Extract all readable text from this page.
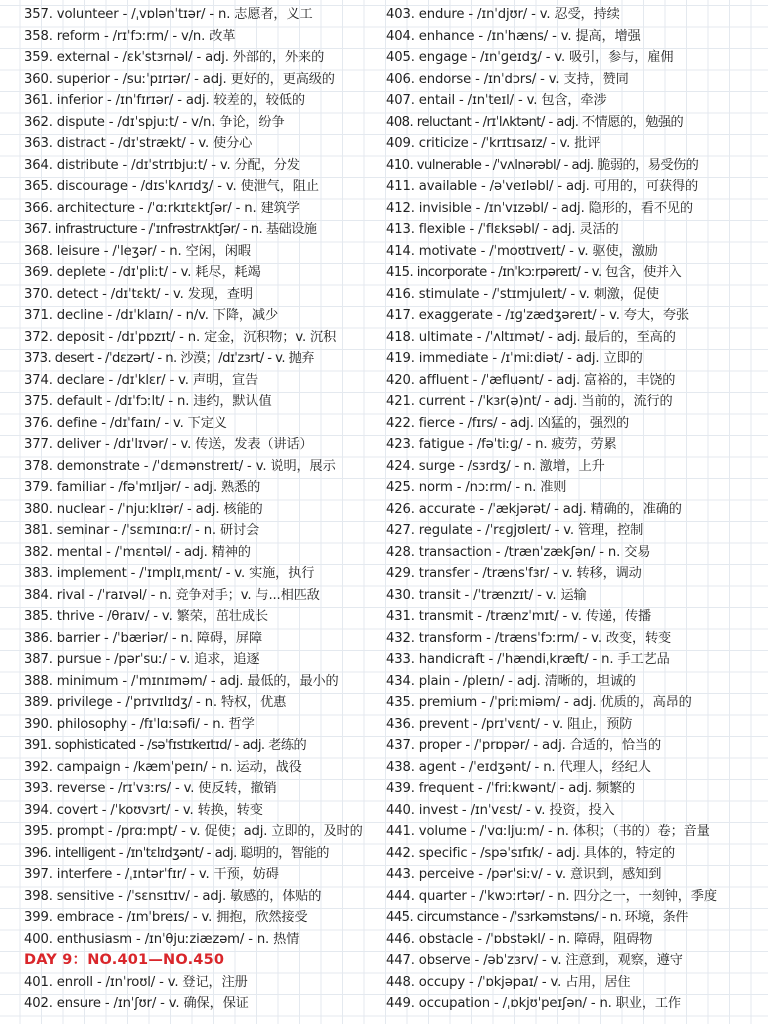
357. volunteer - /ˌvɒlənˈtɪər/ - n. 志愿者，义工
358. reform - /rɪˈfɔːrm/ - v/n. 改革
359. external - /ɛkˈstɜrnəl/ - adj. 外部的，外来的
360. superior - /suːˈpɪrɪər/ - adj. 更好的，更高级的
361. inferior - /ɪnˈfɪrɪər/ - adj. 较差的，较低的
362. dispute - /dɪˈspjuːt/ - v/n. 争论，纷争
363. distract - /dɪˈstrækt/ - v. 使分心
364. distribute - /dɪˈstrɪbjuːt/ - v. 分配，分发
365. discourage - /dɪsˈkʌrɪdʒ/ - v. 使泄气，阻止
366. architecture - /ˈɑːrkɪtɛktʃər/ - n. 建筑学
367. infrastructure - /ˈɪnfrəstrʌktʃər/ - n. 基础设施
368. leisure - /ˈleʒər/ - n. 空闲，闲暇
369. deplete - /dɪˈpliːt/ - v. 耗尽，耗竭
370. detect - /dɪˈtɛkt/ - v. 发现，查明
371. decline - /dɪˈklaɪn/ - n/v. 下降，减少
372. deposit - /dɪˈpɒzɪt/ - n. 定金，沉积物；v. 沉积
373. desert - /ˈdɛzərt/ - n. 沙漠；/dɪˈzɜrt/ - v. 抛弃
374. declare - /dɪˈklɛr/ - v. 声明，宣告
375. default - /dɪˈfɔːlt/ - n. 违约，默认值
376. define - /dɪˈfaɪn/ - v. 下定义
377. deliver - /dɪˈlɪvər/ - v. 传送，发表（讲话）
378. demonstrate - /ˈdɛmənstreɪt/ - v. 说明，展示
379. familiar - /fəˈmɪljər/ - adj. 熟悉的
380. nuclear - /ˈnjuːklɪər/ - adj. 核能的
381. seminar - /ˈsɛmɪnɑːr/ - n. 研讨会
382. mental - /ˈmɛntəl/ - adj. 精神的
383. implement - /ˈɪmplɪˌmɛnt/ - v. 实施，执行
384. rival - /ˈraɪvəl/ - n. 竞争对手；v. 与...相匹敌
385. thrive - /θraɪv/ - v. 繁荣，茁壮成长
386. barrier - /ˈbæriər/ - n. 障碍，屏障
387. pursue - /pərˈsuː/ - v. 追求，追逐
388. minimum - /ˈmɪnɪməm/ - adj. 最低的，最小的
389. privilege - /ˈprɪvɪlɪdʒ/ - n. 特权，优惠
390. philosophy - /fɪˈlɑːsəfi/ - n. 哲学
391. sophisticated - /səˈfɪstɪkeɪtɪd/ - adj. 老练的
392. campaign - /kæmˈpeɪn/ - n. 运动，战役
393. reverse - /rɪˈvɜːrs/ - v. 使反转，撤销
394. covert - /ˈkoʊvɜrt/ - v. 转换，转变
395. prompt - /prɑːmpt/ - v. 促使；adj. 立即的，及时的
396. intelligent - /ɪnˈtɛlɪdʒənt/ - adj. 聪明的，智能的
397. interfere - /ˌɪntərˈfɪr/ - v. 干预，妨碍
398. sensitive - /ˈsɛnsɪtɪv/ - adj. 敏感的，体贴的
399. embrace - /ɪmˈbreɪs/ - v. 拥抱，欣然接受
400. enthusiasm - /ɪnˈθjuːziæzəm/ - n. 热情
DAY 9：NO.401—NO.450
401. enroll - /ɪnˈroʊl/ - v. 登记，注册
402. ensure - /ɪnˈʃʊr/ - v. 确保，保证
403. endure - /ɪnˈdjʊr/ - v. 忍受，持续
404. enhance - /ɪnˈhæns/ - v. 提高，增强
405. engage - /ɪnˈɡeɪdʒ/ - v. 吸引，参与，雇佣
406. endorse - /ɪnˈdɔrs/ - v. 支持，赞同
407. entail - /ɪnˈteɪl/ - v. 包含，牵涉
408. reluctant - /rɪˈlʌktənt/ - adj. 不情愿的，勉强的
409. criticize - /ˈkrɪtɪsaɪz/ - v. 批评
410. vulnerable - /ˈvʌlnərəbl/ - adj. 脆弱的，易受伤的
411. available - /əˈveɪləbl/ - adj. 可用的，可获得的
412. invisible - /ɪnˈvɪzəbl/ - adj. 隐形的，看不见的
413. flexible - /ˈflɛksəbl/ - adj. 灵活的
414. motivate - /ˈmoʊtɪveɪt/ - v. 驱使，激励
415. incorporate - /ɪnˈkɔːrpəreɪt/ - v. 包含，使并入
416. stimulate - /ˈstɪmjuleɪt/ - v. 刺激，促使
417. exaggerate - /ɪɡˈzædʒəreɪt/ - v. 夸大，夸张
418. ultimate - /ˈʌltɪmət/ - adj. 最后的，至高的
419. immediate - /ɪˈmiːdiət/ - adj. 立即的
420. affluent - /ˈæfluənt/ - adj. 富裕的，丰饶的
421. current - /ˈkɜr(ə)nt/ - adj. 当前的，流行的
422. fierce - /fɪrs/ - adj. 凶猛的，强烈的
423. fatigue - /fəˈtiːɡ/ - n. 疲劳，劳累
424. surge - /sɜrdʒ/ - n. 激增，上升
425. norm - /nɔːrm/ - n. 准则
426. accurate - /ˈækjərət/ - adj. 精确的，准确的
427. regulate - /ˈrɛɡjʊleɪt/ - v. 管理，控制
428. transaction - /trænˈzækʃən/ - n. 交易
429. transfer - /trænsˈfɜr/ - v. 转移，调动
430. transit - /ˈtrænzɪt/ - v. 运输
431. transmit - /trænzˈmɪt/ - v. 传递，传播
432. transform - /trænsˈfɔːrm/ - v. 改变，转变
433. handicraft - /ˈhændiˌkræft/ - n. 手工艺品
434. plain - /pleɪn/ - adj. 清晰的，坦诚的
435. premium - /ˈpriːmiəm/ - adj. 优质的，高昂的
436. prevent - /prɪˈvɛnt/ - v. 阻止，预防
437. proper - /ˈprɒpər/ - adj. 合适的，恰当的
438. agent - /ˈeɪdʒənt/ - n. 代理人，经纪人
439. frequent - /ˈfriːkwənt/ - adj. 频繁的
440. invest - /ɪnˈvɛst/ - v. 投资，投入
441. volume - /ˈvɑːljuːm/ - n. 体积；（书的）卷；音量
442. specific - /spəˈsɪfɪk/ - adj. 具体的，特定的
443. perceive - /pərˈsiːv/ - v. 意识到，感知到
444. quarter - /ˈkwɔːrtər/ - n. 四分之一，一刻钟，季度
445. circumstance - /ˈsɜrkəmstəns/ - n. 环境，条件
446. obstacle - /ˈɒbstəkl/ - n. 障碍，阻碍物
447. observe - /əbˈzɜrv/ - v. 注意到，观察，遵守
448. occupy - /ˈɒkjəpaɪ/ - v. 占用，居住
449. occupation - /ˌɒkjʊˈpeɪʃən/ - n. 职业，工作
